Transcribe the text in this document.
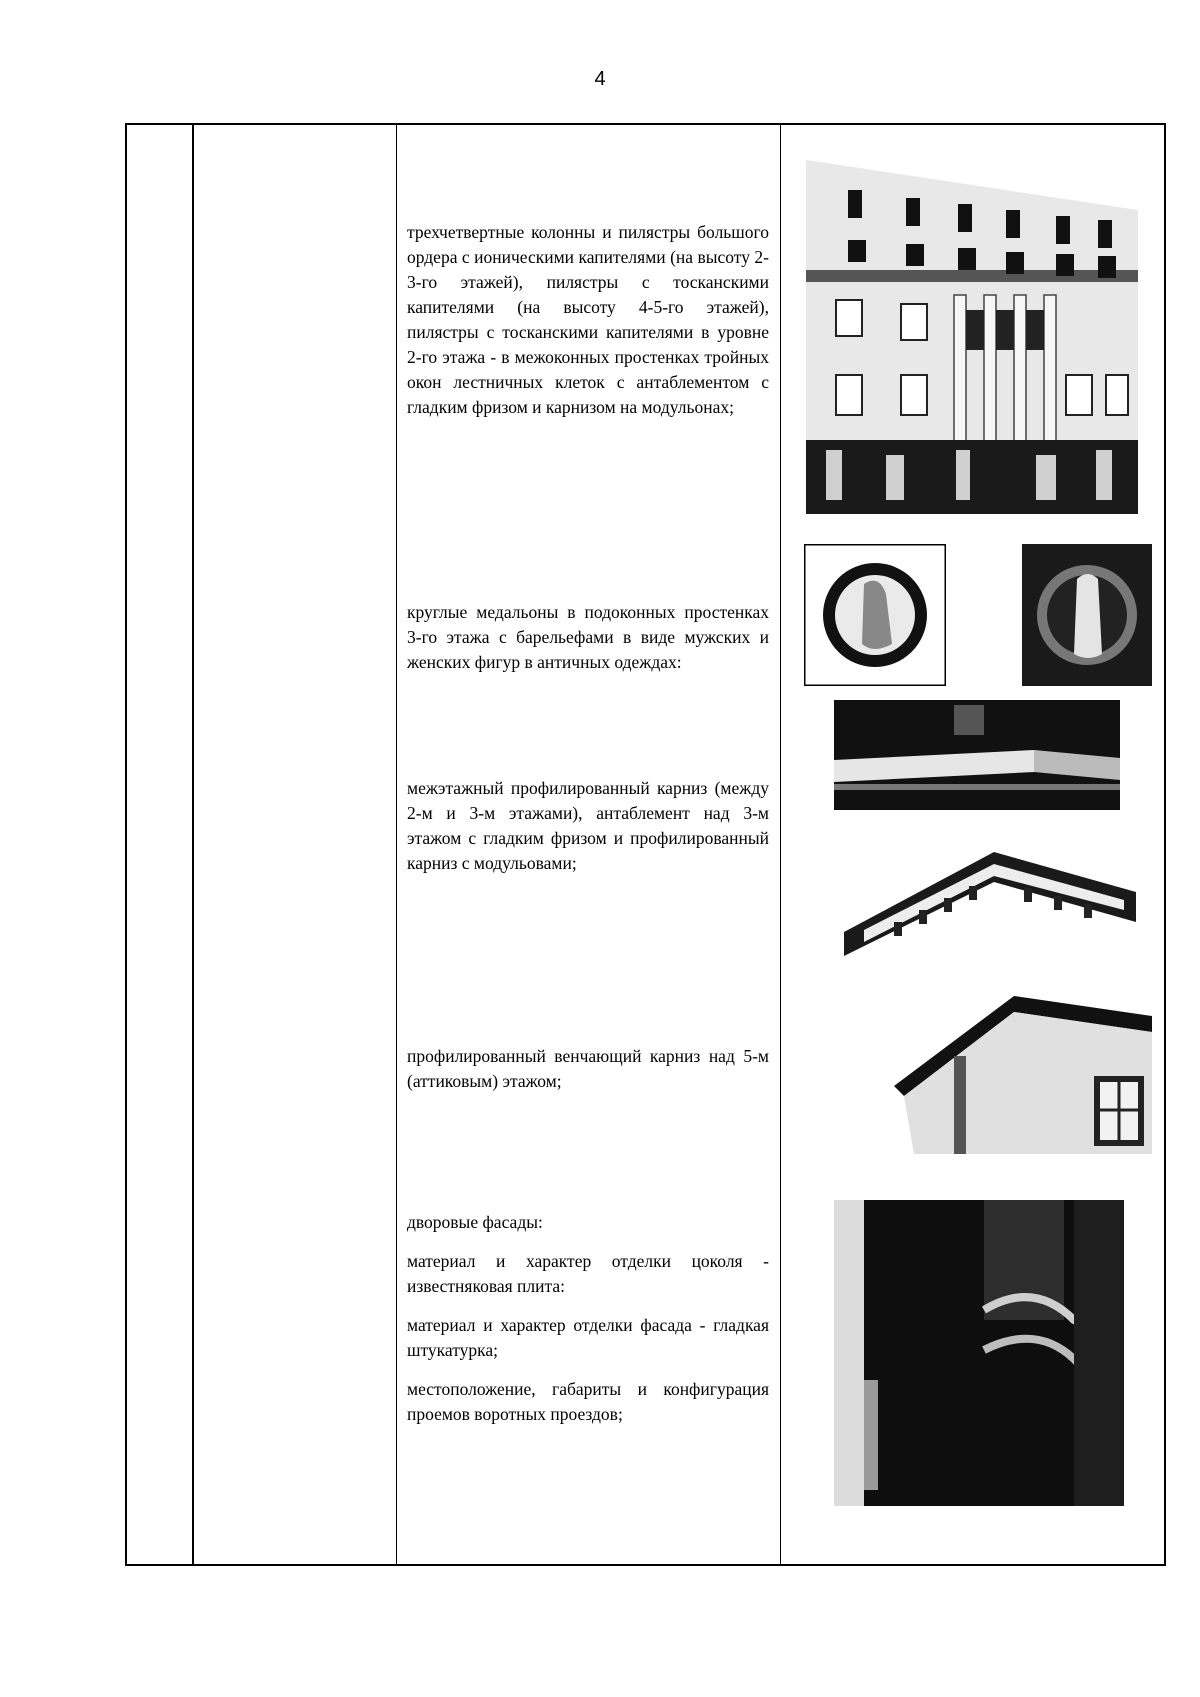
4
трехчетвертные колонны и пилястры большого ордера с ионическими капителями (на высоту 2-3-го этажей), пилястры с тосканскими капителями (на высоту 4-5-го этажей), пилястры с тосканскими капителями в уровне 2-го этажа - в межоконных простенках тройных окон лестничных клеток с антаблементом с гладким фризом и карнизом на модульонах;
круглые медальоны в подоконных простенках 3-го этажа с барельефами в виде мужских и женских фигур в античных одеждах:
межэтажный профилированный карниз (между 2-м и 3-м этажами), антаблемент над 3-м этажом с гладким фризом и профилированный карниз с модульовами;
профилированный венчающий карниз над 5-м (аттиковым) этажом;

дворовые фасады:

материал и характер отделки цоколя - известняковая плита:

материал и характер отделки фасада - гладкая штукатурка;

местоположение, габариты и конфигурация проемов воротных проездов;
